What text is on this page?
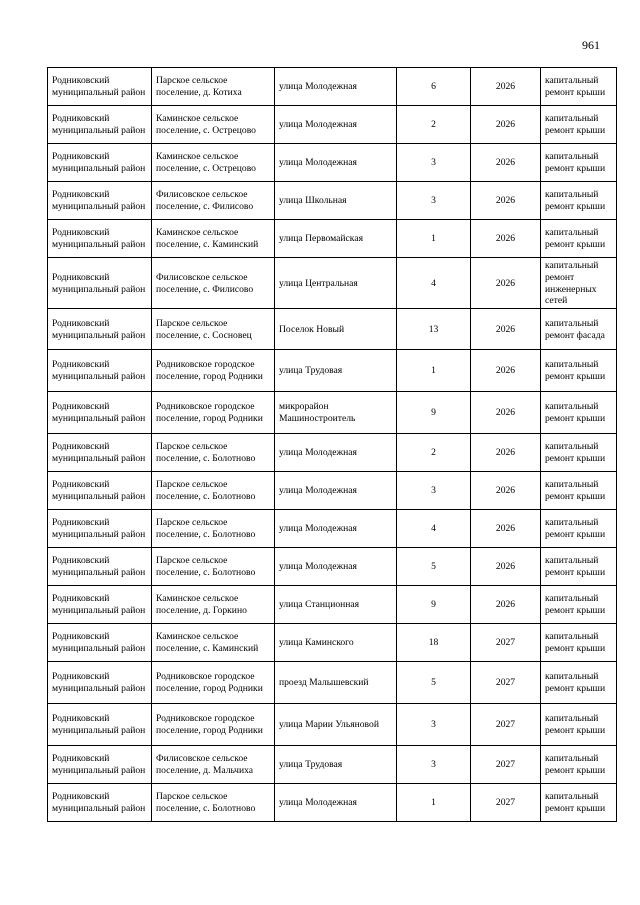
961
Родниковский муниципальный район	Парское сельское поселение, д. Котиха	улица Молодежная	6	2026	капитальный ремонт крыши
Родниковский муниципальный район	Каминское сельское поселение, с. Острецово	улица Молодежная	2	2026	капитальный ремонт крыши
Родниковский муниципальный район	Каминское сельское поселение, с. Острецово	улица Молодежная	3	2026	капитальный ремонт крыши
Родниковский муниципальный район	Филисовское сельское поселение, с. Филисово	улица Школьная	3	2026	капитальный ремонт крыши
Родниковский муниципальный район	Каминское сельское поселение, с. Каминский	улица Первомайская	1	2026	капитальный ремонт крыши
Родниковский муниципальный район	Филисовское сельское поселение, с. Филисово	улица Центральная	4	2026	капитальный ремонт инженерных сетей
Родниковский муниципальный район	Парское сельское поселение, с. Сосновец	Поселок Новый	13	2026	капитальный ремонт фасада
Родниковский муниципальный район	Родниковское городское поселение, город Родники	улица Трудовая	1	2026	капитальный ремонт крыши
Родниковский муниципальный район	Родниковское городское поселение, город Родники	микрорайон Машиностроитель	9	2026	капитальный ремонт крыши
Родниковский муниципальный район	Парское сельское поселение, с. Болотново	улица Молодежная	2	2026	капитальный ремонт крыши
Родниковский муниципальный район	Парское сельское поселение, с. Болотново	улица Молодежная	3	2026	капитальный ремонт крыши
Родниковский муниципальный район	Парское сельское поселение, с. Болотново	улица Молодежная	4	2026	капитальный ремонт крыши
Родниковский муниципальный район	Парское сельское поселение, с. Болотново	улица Молодежная	5	2026	капитальный ремонт крыши
Родниковский муниципальный район	Каминское сельское поселение, д. Горкино	улица Станционная	9	2026	капитальный ремонт крыши
Родниковский муниципальный район	Каминское сельское поселение, с. Каминский	улица Каминского	18	2027	капитальный ремонт крыши
Родниковский муниципальный район	Родниковское городское поселение, город Родники	проезд Малышевский	5	2027	капитальный ремонт крыши
Родниковский муниципальный район	Родниковское городское поселение, город Родники	улица Марии Ульяновой	3	2027	капитальный ремонт крыши
Родниковский муниципальный район	Филисовское сельское поселение, д. Мальчиха	улица Трудовая	3	2027	капитальный ремонт крыши
Родниковский муниципальный район	Парское сельское поселение, с. Болотново	улица Молодежная	1	2027	капитальный ремонт крыши
